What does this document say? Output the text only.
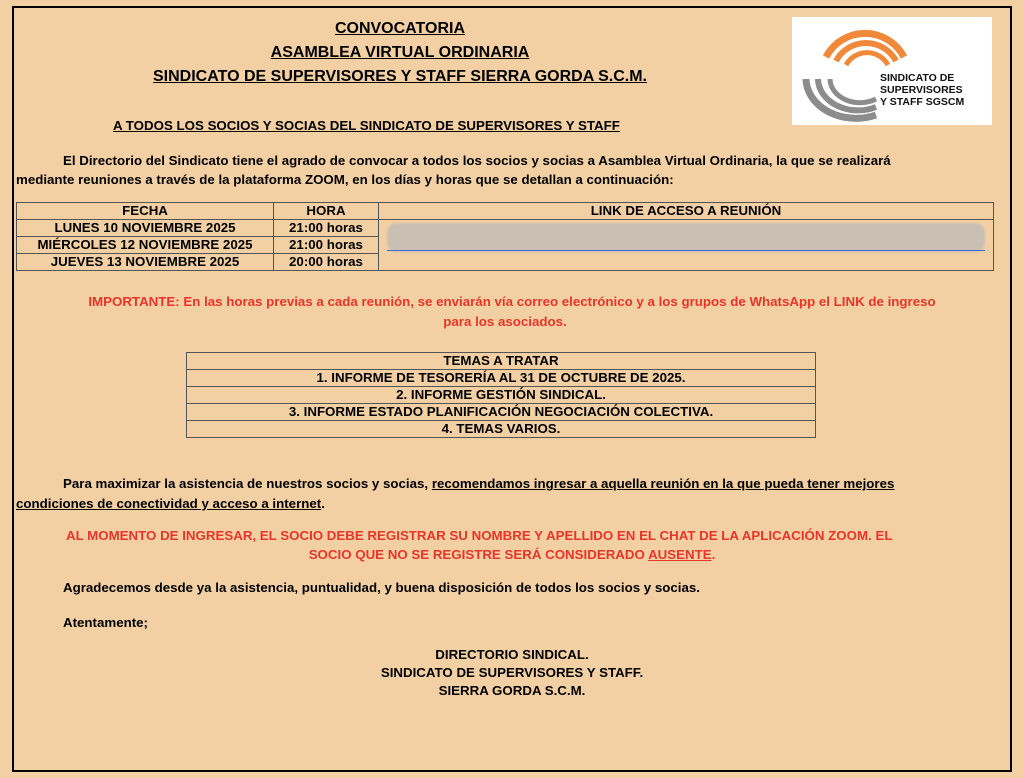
CONVOCATORIA
ASAMBLEA VIRTUAL ORDINARIA
SINDICATO DE SUPERVISORES Y STAFF SIERRA GORDA S.C.M.	SINDICATO DE
SUPERVISORES
Y STAFF SGSCM
A TODOS LOS SOCIOS Y SOCIAS DEL SINDICATO DE SUPERVISORES Y STAFF
El Directorio del Sindicato tiene el agrado de convocar a todos los socios y socias a Asamblea Virtual Ordinaria, la que se realizará
mediante reuniones a través de la plataforma ZOOM, en los días y horas que se detallan a continuación:
FECHA	HORA	LINK DE ACCESO A REUNIÓN
LUNES 10 NOVIEMBRE 2025	21:00 horas	

MIÉRCOLES 12 NOVIEMBRE 2025	21:00 horas	
JUEVES 13 NOVIEMBRE 2025	20:00 horas	
IMPORTANTE: En las horas previas a cada reunión, se enviarán vía correo electrónico y a los grupos de WhatsApp el LINK de ingreso
para los asociados.
TEMAS A TRATAR
1. INFORME DE TESORERÍA AL 31 DE OCTUBRE DE 2025.
2. INFORME GESTIÓN SINDICAL.
3. INFORME ESTADO PLANIFICACIÓN NEGOCIACIÓN COLECTIVA.
4. TEMAS VARIOS.
Para maximizar la asistencia de nuestros socios y socias, recomendamos ingresar a aquella reunión en la que pueda tener mejores
condiciones de conectividad y acceso a internet.
AL MOMENTO DE INGRESAR, EL SOCIO DEBE REGISTRAR SU NOMBRE Y APELLIDO EN EL CHAT DE LA APLICACIÓN ZOOM. EL
SOCIO QUE NO SE REGISTRE SERÁ CONSIDERADO AUSENTE.
Agradecemos desde ya la asistencia, puntualidad, y buena disposición de todos los socios y socias.
Atentamente;
DIRECTORIO SINDICAL.
SINDICATO DE SUPERVISORES Y STAFF.
SIERRA GORDA S.C.M.
